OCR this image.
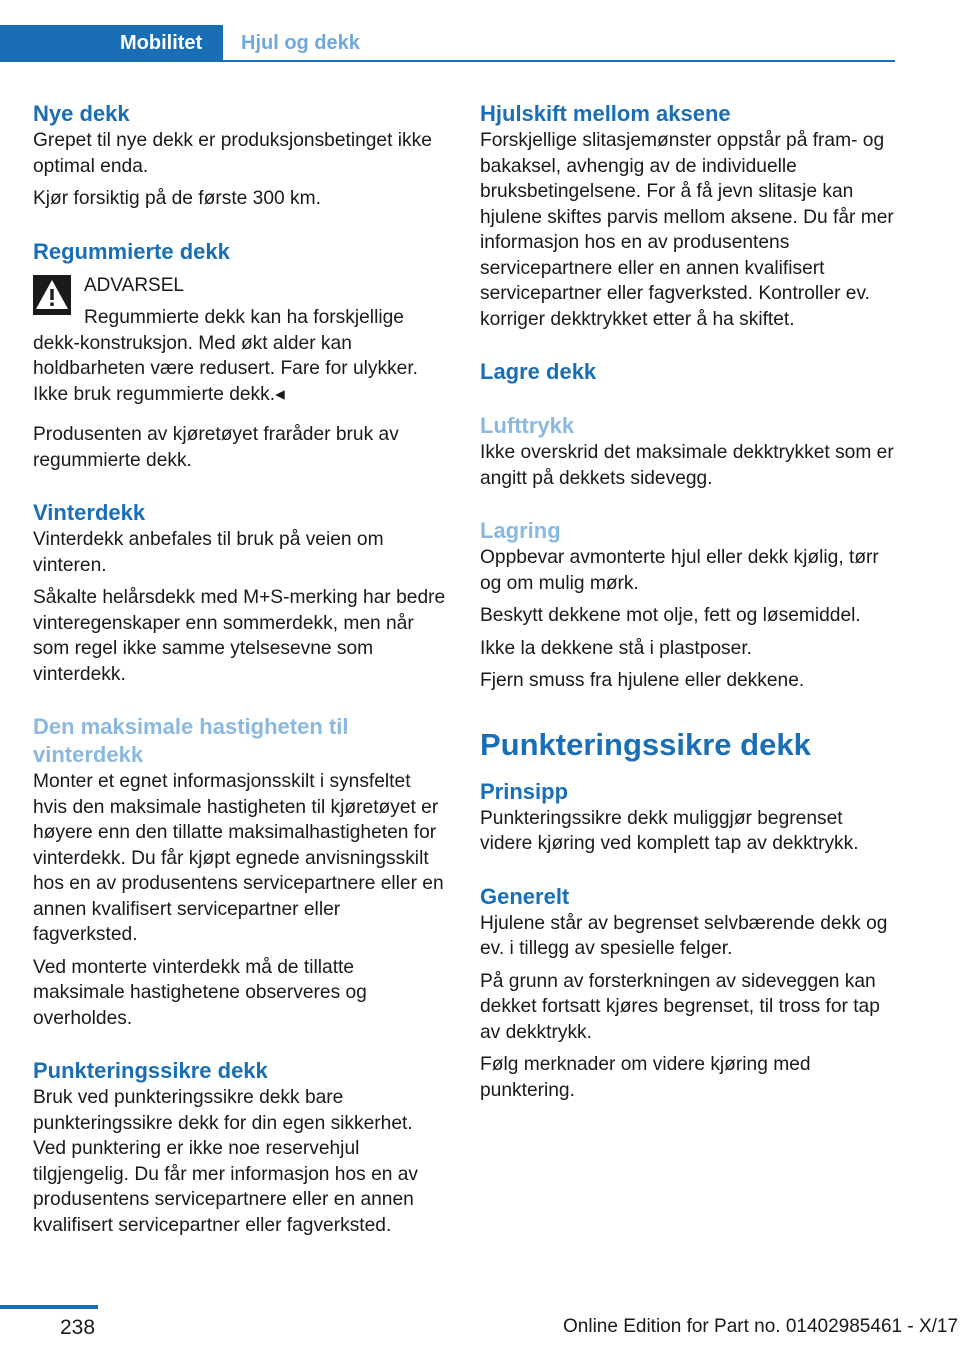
Mobilitet	Hjul og dekk
Nye dekk

Grepet til nye dekk er produksjonsbetinget ikke optimal enda.

Kjør forsiktig på de første 300 km.

Regummierte dekk

ADVARSEL

Regummierte dekk kan ha forskjellige dekk-konstruksjon. Med økt alder kan holdbarheten være redusert. Fare for ulykker. Ikke bruk regummierte dekk.◂

Produsenten av kjøretøyet fraråder bruk av regummierte dekk.

Vinterdekk

Vinterdekk anbefales til bruk på veien om vinteren.

Såkalte helårsdekk med M+S-merking har bedre vinteregenskaper enn sommerdekk, men når som regel ikke samme ytelsesevne som vinterdekk.

Den maksimale hastigheten til vinterdekk

Monter et egnet informasjonsskilt i synsfeltet hvis den maksimale hastigheten til kjøretøyet er høyere enn den tillatte maksimalhastigheten for vinterdekk. Du får kjøpt egnede anvisningsskilt hos en av produsentens servicepartnere eller en annen kvalifisert servicepartner eller fagverksted.

Ved monterte vinterdekk må de tillatte maksimale hastighetene observeres og overholdes.

Punkteringssikre dekk

Bruk ved punkteringssikre dekk bare punkteringssikre dekk for din egen sikkerhet. Ved punktering er ikke noe reservehjul tilgjengelig. Du får mer informasjon hos en av produsentens servicepartnere eller en annen kvalifisert servicepartner eller fagverksted.

Hjulskift mellom aksene

Forskjellige slitasjemønster oppstår på fram- og bakaksel, avhengig av de individuelle bruksbetingelsene. For å få jevn slitasje kan hjulene skiftes parvis mellom aksene. Du får mer informasjon hos en av produsentens servicepartnere eller en annen kvalifisert servicepartner eller fagverksted. Kontroller ev. korriger dekktrykket etter å ha skiftet.

Lagre dekk
Lufttrykk

Ikke overskrid det maksimale dekktrykket som er angitt på dekkets sidevegg.

Lagring

Oppbevar avmonterte hjul eller dekk kjølig, tørr og om mulig mørk.

Beskytt dekkene mot olje, fett og løsemiddel.

Ikke la dekkene stå i plastposer.

Fjern smuss fra hjulene eller dekkene.

Punkteringssikre dekk
Prinsipp

Punkteringssikre dekk muliggjør begrenset videre kjøring ved komplett tap av dekktrykk.

Generelt

Hjulene står av begrenset selvbærende dekk og ev. i tillegg av spesielle felger.

På grunn av forsterkningen av sideveggen kan dekket fortsatt kjøres begrenset, til tross for tap av dekktrykk.

Følg merknader om videre kjøring med punktering.

238	Online Edition for Part no. 01402985461 - X/17
